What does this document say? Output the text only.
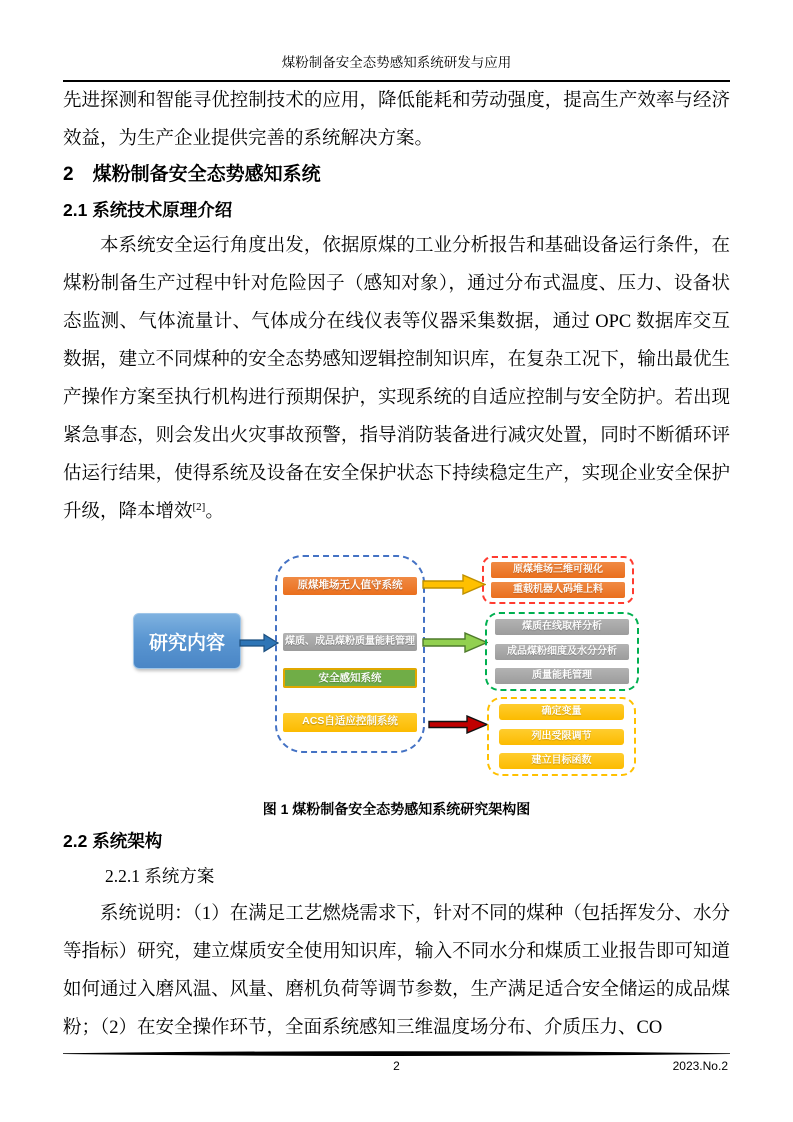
煤粉制备安全态势感知系统研发与应用

先进探测和智能寻优控制技术的应用，降低能耗和劳动强度，提高生产效率与经济效益，为生产企业提供完善的系统解决方案。

2　煤粉制备安全态势感知系统
2.1 系统技术原理介绍

本系统安全运行角度出发，依据原煤的工业分析报告和基础设备运行条件，在煤粉制备生产过程中针对危险因子（感知对象），通过分布式温度、压力、设备状态监测、气体流量计、气体成分在线仪表等仪器采集数据，通过 OPC 数据库交互数据，建立不同煤种的安全态势感知逻辑控制知识库，在复杂工况下，输出最优生产操作方案至执行机构进行预期保护，实现系统的自适应控制与安全防护。若出现紧急事态，则会发出火灾事故预警，指导消防装备进行减灾处置，同时不断循环评估运行结果，使得系统及设备在安全保护状态下持续稳定生产，实现企业安全保护升级，降本增效[2]。

研究内容
原煤堆场无人值守系统
煤质、成品煤粉质量能耗管理
安全感知系统
ACS自适应控制系统
原煤堆场三维可视化
重载机器人码堆上料
煤质在线取样分析
成品煤粉细度及水分分析
质量能耗管理
确定变量
列出受限调节
建立目标函数
图 1 煤粉制备安全态势感知系统研究架构图
2.2 系统架构
2.2.1 系统方案

系统说明：（1）在满足工艺燃烧需求下，针对不同的煤种（包括挥发分、水分等指标）研究，建立煤质安全使用知识库，输入不同水分和煤质工业报告即可知道如何通过入磨风温、风量、磨机负荷等调节参数，生产满足适合安全储运的成品煤粉；（2）在安全操作环节，全面系统感知三维温度场分布、介质压力、CO

2	2023.No.2
